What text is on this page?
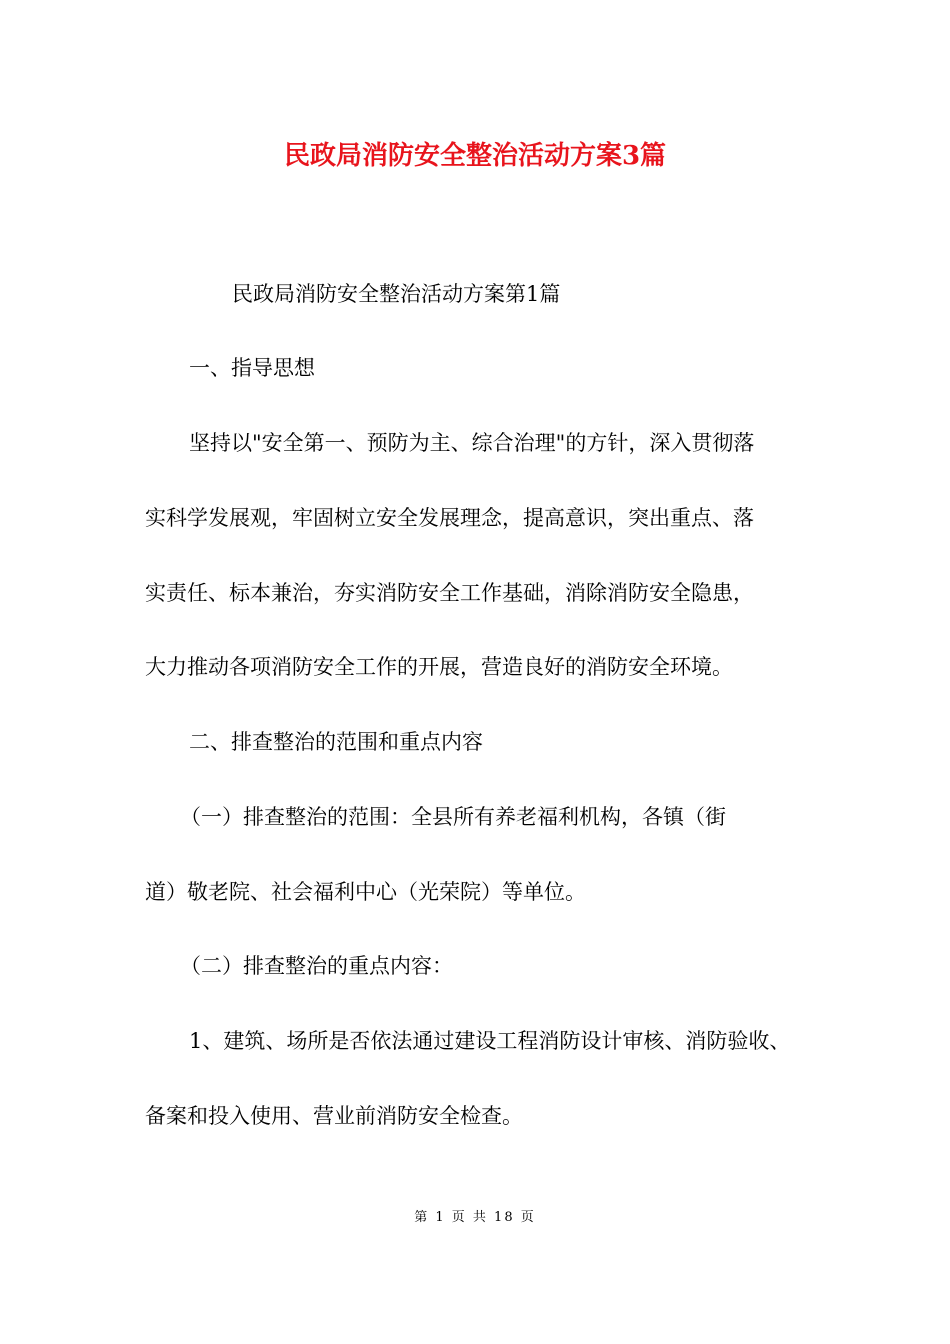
民政局消防安全整治活动方案3篇

民政局消防安全整治活动方案第1篇

一、指导思想

坚持以"安全第一、预防为主、综合治理"的方针，深入贯彻落

实科学发展观，牢固树立安全发展理念，提高意识，突出重点、落

实责任、标本兼治，夯实消防安全工作基础，消除消防安全隐患，

大力推动各项消防安全工作的开展，营造良好的消防安全环境。

二、排查整治的范围和重点内容

（一）排查整治的范围：全县所有养老福利机构，各镇（街

道）敬老院、社会福利中心（光荣院）等单位。

（二）排查整治的重点内容：

1、建筑、场所是否依法通过建设工程消防设计审核、消防验收、

备案和投入使用、营业前消防安全检查。

第 1 页 共 18 页
